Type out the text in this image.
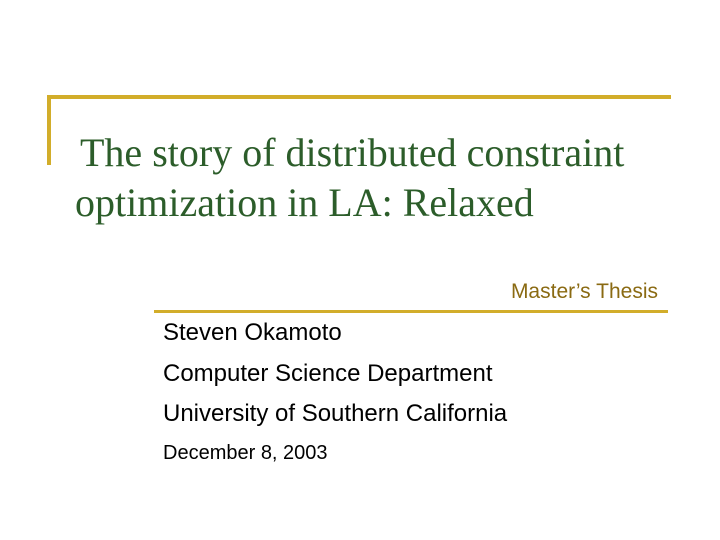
The story of distributed constraint
optimization in LA: Relaxed
Master’s Thesis
Steven Okamoto
Computer Science Department
University of Southern California
December 8, 2003
